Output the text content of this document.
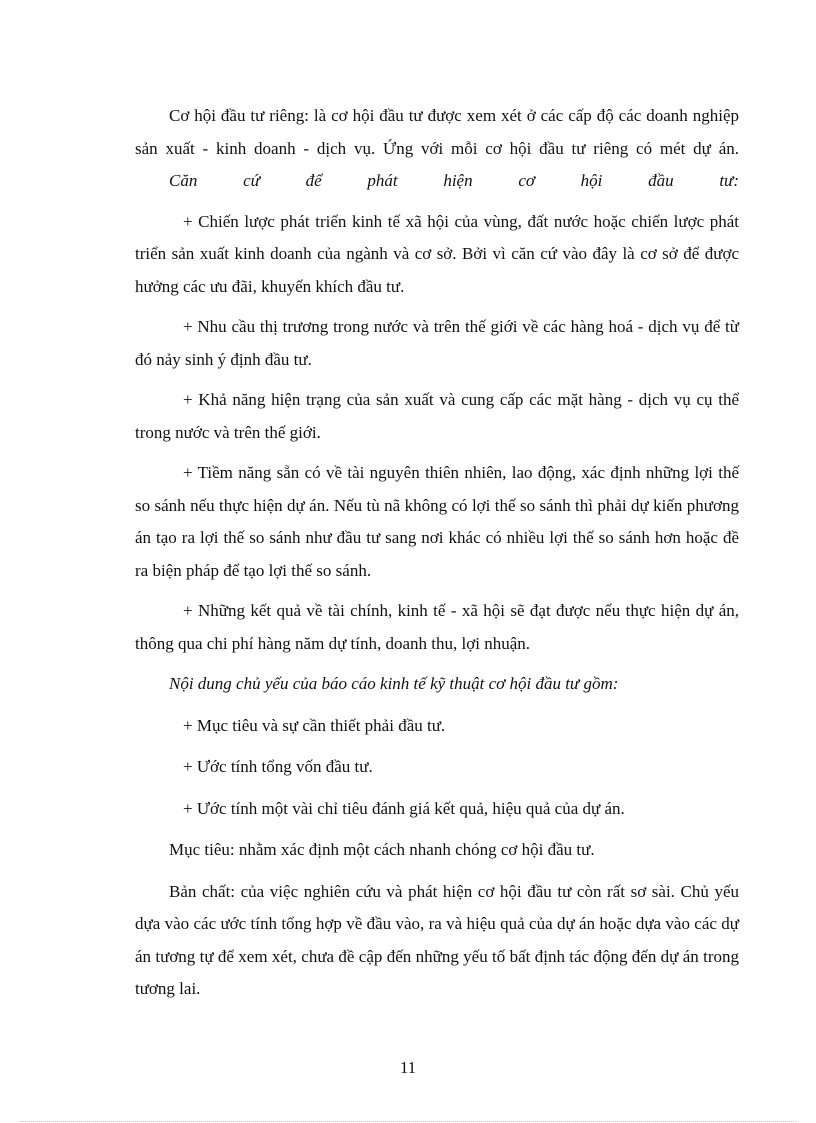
Cơ hội đầu tư riêng: là cơ hội đầu tư được xem xét ở các cấp độ các doanh nghiệp sản xuất - kinh doanh - dịch vụ. Ứng với mỗi cơ hội đầu tư riêng có mét dự án.

Căn cứ để phát hiện cơ hội đầu tư:

+ Chiến lược phát triển kinh tế xã hội của vùng, đất nước hoặc chiến lược phát triển sản xuất kinh doanh của ngành và cơ sở. Bởi vì căn cứ vào đây là cơ sở để được hưởng các ưu đãi, khuyến khích đầu tư.

+ Nhu cầu thị trương trong nước và trên thế giới về các hàng hoá - dịch vụ để từ đó nảy sinh ý định đầu tư.

+ Khả năng hiện trạng của sản xuất và cung cấp các mặt hàng - dịch vụ cụ thể trong nước và trên thế giới.

+ Tiềm năng sẵn có về tài nguyên thiên nhiên, lao động, xác định những lợi thế so sánh nếu thực hiện dự án. Nếu tù nã không có lợi thế so sánh thì phải dự kiến phương án tạo ra lợi thế so sánh như đầu tư sang nơi khác có nhiều lợi thế so sánh hơn hoặc đề ra biện pháp để tạo lợi thế so sánh.

+ Những kết quả về tài chính, kinh tế - xã hội sẽ đạt được nếu thực hiện dự án, thông qua chi phí hàng năm dự tính, doanh thu, lợi nhuận.

Nội dung chủ yếu của báo cáo kinh tế kỹ thuật cơ hội đầu tư gồm:

+ Mục tiêu và sự cần thiết phải đầu tư.

+ Ước tính tổng vốn đầu tư.

+ Ước tính một vài chỉ tiêu đánh giá kết quả, hiệu quả của dự án.

Mục tiêu: nhằm xác định một cách nhanh chóng cơ hội đầu tư.

Bản chất: của việc nghiên cứu và phát hiện cơ hội đầu tư còn rất sơ sài. Chủ yếu dựa vào các ước tính tổng hợp về đầu vào, ra và hiệu quả của dự án hoặc dựa vào các dự án tương tự để xem xét, chưa đề cập đến những yếu tố bất định tác động đến dự án trong tương lai.

11
